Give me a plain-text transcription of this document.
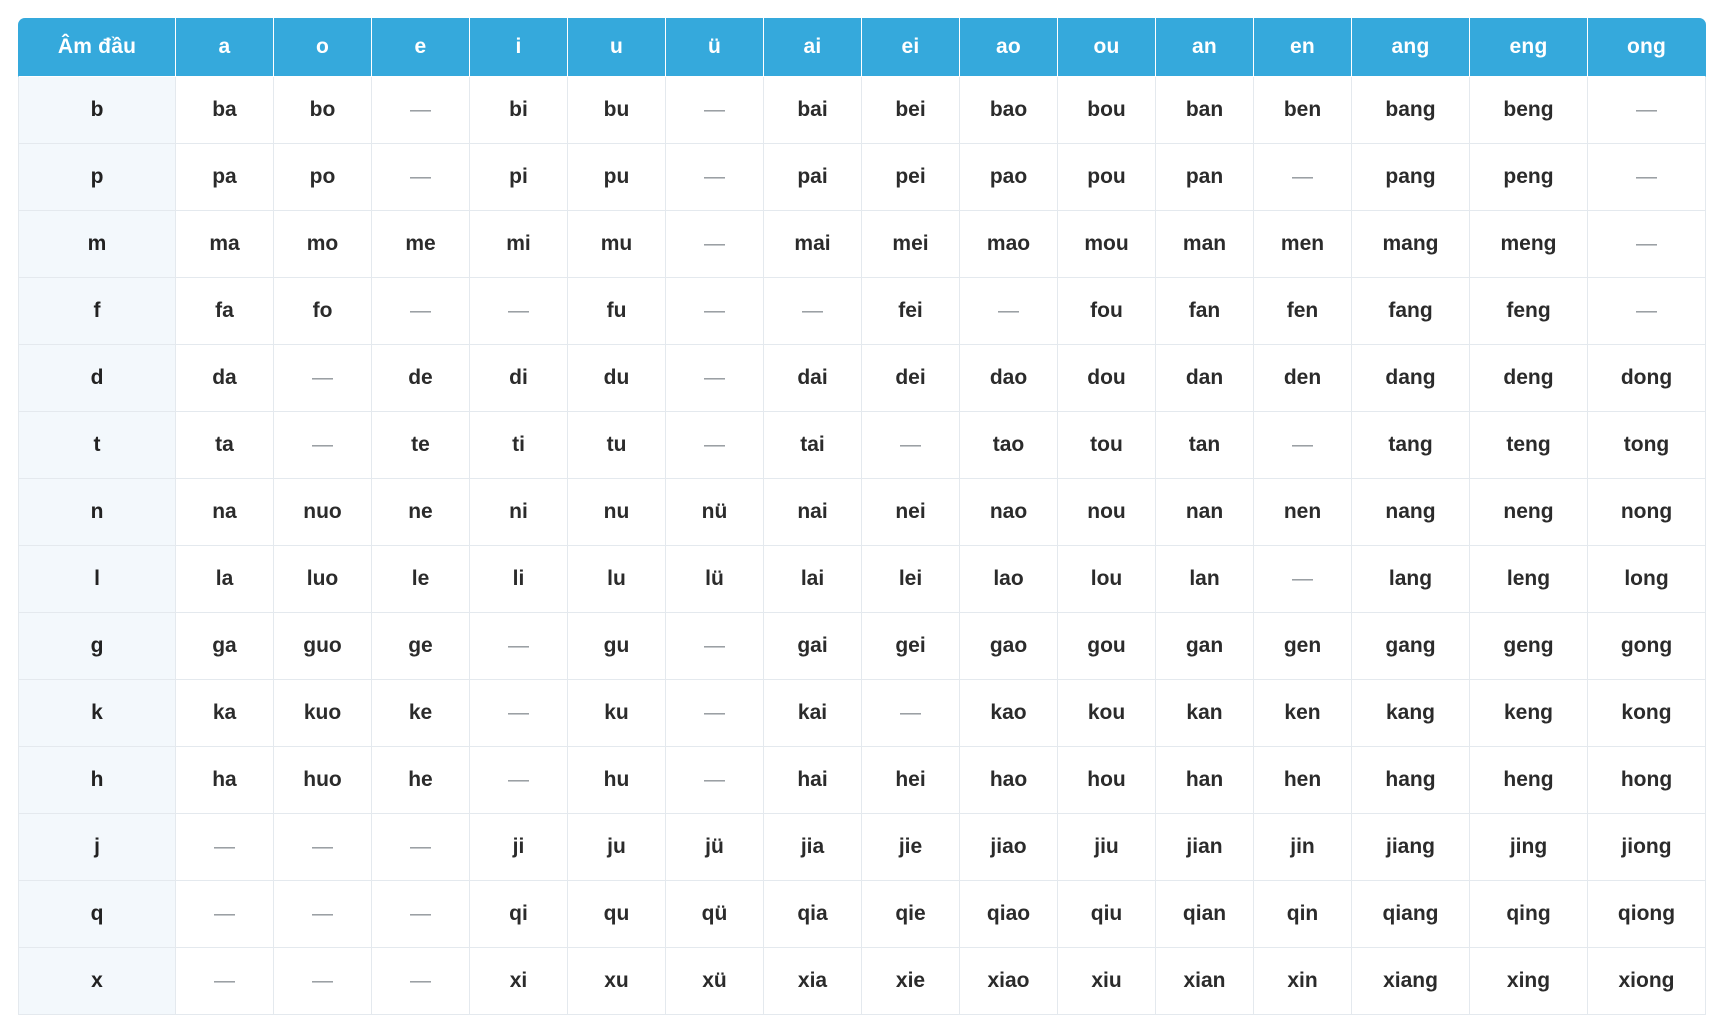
Âm đầu	a	o	e	i	u	ü	ai	ei	ao	ou	an	en	ang	eng	ong
b	ba	bo	—	bi	bu	—	bai	bei	bao	bou	ban	ben	bang	beng	—
p	pa	po	—	pi	pu	—	pai	pei	pao	pou	pan	—	pang	peng	—
m	ma	mo	me	mi	mu	—	mai	mei	mao	mou	man	men	mang	meng	—
f	fa	fo	—	—	fu	—	—	fei	—	fou	fan	fen	fang	feng	—
d	da	—	de	di	du	—	dai	dei	dao	dou	dan	den	dang	deng	dong
t	ta	—	te	ti	tu	—	tai	—	tao	tou	tan	—	tang	teng	tong
n	na	nuo	ne	ni	nu	nü	nai	nei	nao	nou	nan	nen	nang	neng	nong
l	la	luo	le	li	lu	lü	lai	lei	lao	lou	lan	—	lang	leng	long
g	ga	guo	ge	—	gu	—	gai	gei	gao	gou	gan	gen	gang	geng	gong
k	ka	kuo	ke	—	ku	—	kai	—	kao	kou	kan	ken	kang	keng	kong
h	ha	huo	he	—	hu	—	hai	hei	hao	hou	han	hen	hang	heng	hong
j	—	—	—	ji	ju	jü	jia	jie	jiao	jiu	jian	jin	jiang	jing	jiong
q	—	—	—	qi	qu	qü	qia	qie	qiao	qiu	qian	qin	qiang	qing	qiong
x	—	—	—	xi	xu	xü	xia	xie	xiao	xiu	xian	xin	xiang	xing	xiong
